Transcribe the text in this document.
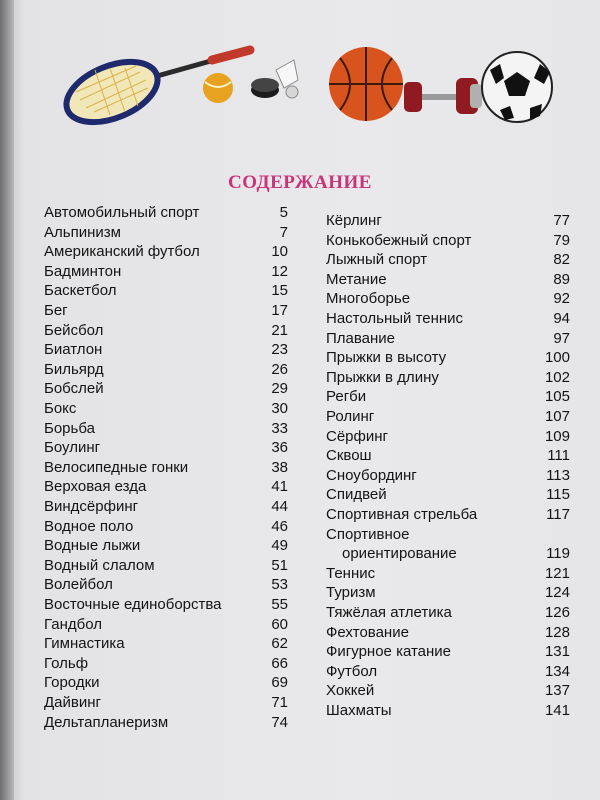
СОДЕРЖАНИЕ
Автомобильный спорт	5
Альпинизм	7
Американский футбол	10
Бадминтон	12
Баскетбол	15
Бег	17
Бейсбол	21
Биатлон	23
Бильярд	26
Бобслей	29
Бокс	30
Борьба	33
Боулинг	36
Велосипедные гонки	38
Верховая езда	41
Виндсёрфинг	44
Водное поло	46
Водные лыжи	49
Водный слалом	51
Волейбол	53
Восточные единоборства	55
Гандбол	60
Гимнастика	62
Гольф	66
Городки	69
Дайвинг	71
Дельтапланеризм	74
Кёрлинг	77
Конькобежный спорт	79
Лыжный спорт	82
Метание	89
Многоборье	92
Настольный теннис	94
Плавание	97
Прыжки в высоту	100
Прыжки в длину	102
Регби	105
Ролинг	107
Сёрфинг	109
Сквош	111
Сноубординг	113
Спидвей	115
Спортивная стрельба	117
Спортивное
ориентирование	119
Теннис	121
Туризм	124
Тяжёлая атлетика	126
Фехтование	128
Фигурное катание	131
Футбол	134
Хоккей	137
Шахматы	141
